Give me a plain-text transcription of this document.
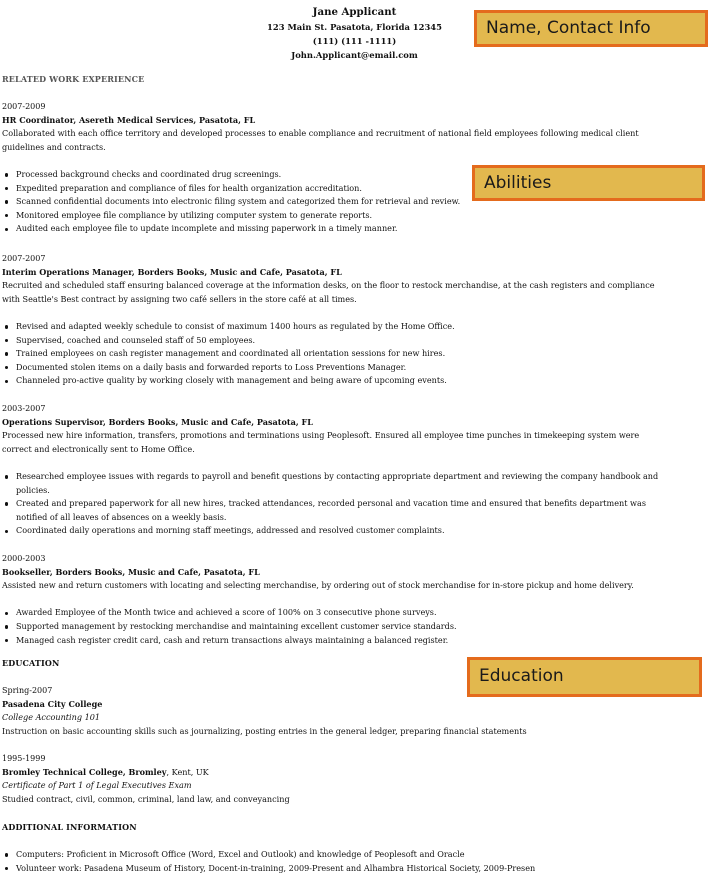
Jane Applicant
123 Main St. Pasatota, Florida 12345
(111) (111 -1111)
John.Applicant@email.com
Name, Contact Info
RELATED WORK EXPERIENCE
2007-2009
HR Coordinator, Asereth Medical Services, Pasatota, FL
Collaborated with each office territory and developed processes to enable compliance and recruitment of national field employees following medical client guidelines and contracts.
Processed background checks and coordinated drug screenings.
Expedited preparation and compliance of files for health organization accreditation.
Scanned confidential documents into electronic filing system and categorized them for retrieval and review.
Monitored employee file compliance by utilizing computer system to generate reports.
Audited each employee file to update incomplete and missing paperwork in a timely manner.
Abilities
2007-2007
Interim Operations Manager, Borders Books, Music and Cafe, Pasatota, FL
Recruited and scheduled staff ensuring balanced coverage at the information desks, on the floor to restock merchandise, at the cash registers and compliance with Seattle's Best contract by assigning two café sellers in the store café at all times.
Revised and adapted weekly schedule to consist of maximum 1400 hours as regulated by the Home Office.
Supervised, coached and counseled staff of 50 employees.
Trained employees on cash register management and coordinated all orientation sessions for new hires.
Documented stolen items on a daily basis and forwarded reports to Loss Preventions Manager.
Channeled pro-active quality by working closely with management and being aware of upcoming events.
2003-2007
Operations Supervisor, Borders Books, Music and Cafe, Pasatota, FL
Processed new hire information, transfers, promotions and terminations using Peoplesoft. Ensured all employee time punches in timekeeping system were correct and electronically sent to Home Office.
Researched employee issues with regards to payroll and benefit questions by contacting appropriate department and reviewing the company handbook and policies.
Created and prepared paperwork for all new hires, tracked attendances, recorded personal and vacation time and ensured that benefits department was notified of all leaves of absences on a weekly basis.
Coordinated daily operations and morning staff meetings, addressed and resolved customer complaints.
2000-2003
Bookseller, Borders Books, Music and Cafe, Pasatota, FL
Assisted new and return customers with locating and selecting merchandise, by ordering out of stock merchandise for in-store pickup and home delivery.
Awarded Employee of the Month twice and achieved a score of 100% on 3 consecutive phone surveys.
Supported management by restocking merchandise and maintaining excellent customer service standards.
Managed cash register credit card, cash and return transactions always maintaining a balanced register.
EDUCATION
Education
Spring-2007
Pasadena City College
College Accounting 101
Instruction on basic accounting skills such as journalizing, posting entries in the general ledger, preparing financial statements
1995-1999
Bromley Technical College, Bromley, Kent, UK
Certificate of Part 1 of Legal Executives Exam
Studied contract, civil, common, criminal, land law, and conveyancing
ADDITIONAL INFORMATION
Computers: Proficient in Microsoft Office (Word, Excel and Outlook) and knowledge of Peoplesoft and Oracle
Volunteer work: Pasadena Museum of History, Docent-in-training, 2009-Present and Alhambra Historical Society, 2009-Presen
